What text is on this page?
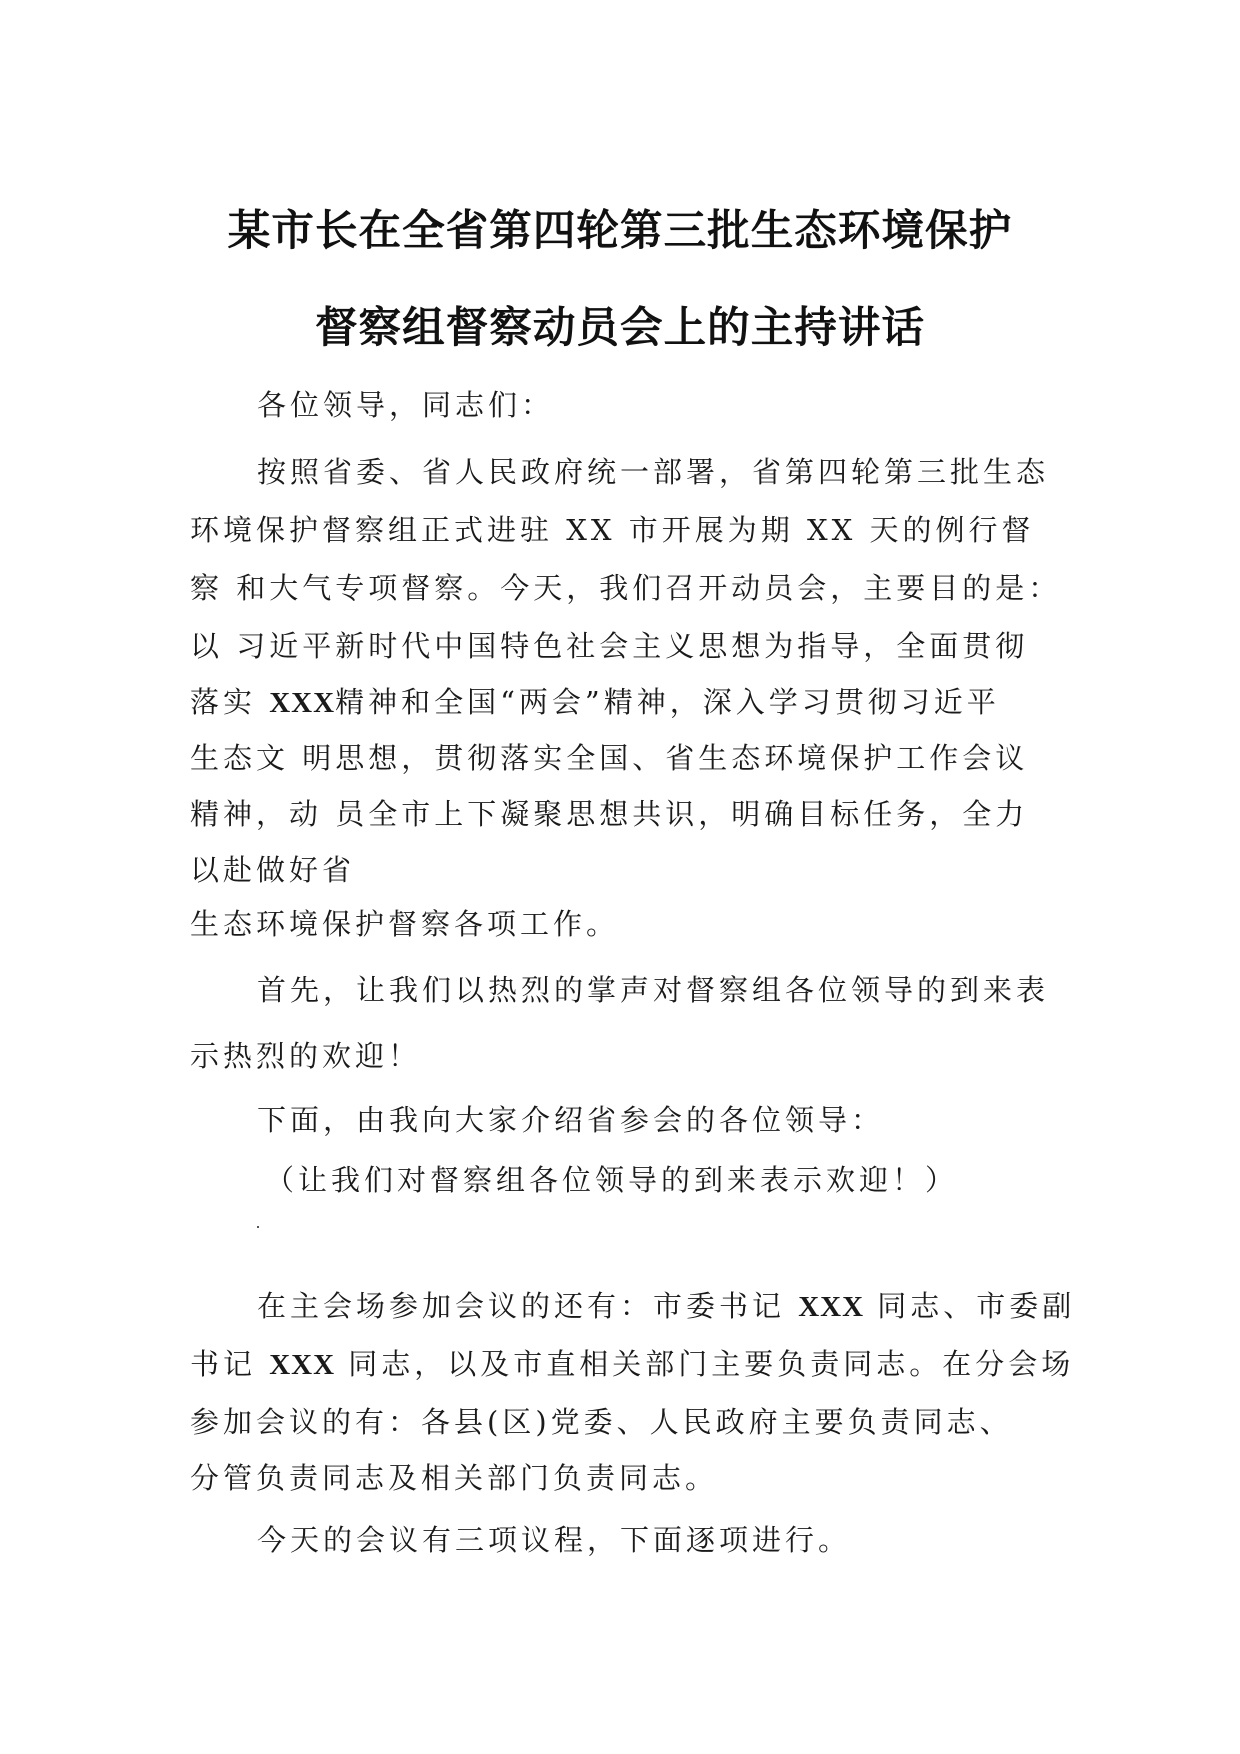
某市长在全省第四轮第三批生态环境保护
督察组督察动员会上的主持讲话
各位领导，同志们：
按照省委、省人民政府统一部署，省第四轮第三批生态
环境保护督察组正式进驻 XX 市开展为期 XX 天的例行督
察 和大气专项督察。今天，我们召开动员会，主要目的是：
以 习近平新时代中国特色社会主义思想为指导，全面贯彻
落实 XXX精神和全国“两会”精神，深入学习贯彻习近平
生态文 明思想，贯彻落实全国、省生态环境保护工作会议
精神，动 员全市上下凝聚思想共识，明确目标任务，全力
以赴做好省
生态环境保护督察各项工作。
首先，让我们以热烈的掌声对督察组各位领导的到来表
示热烈的欢迎！
下面，由我向大家介绍省参会的各位领导：
（让我们对督察组各位领导的到来表示欢迎！）
在主会场参加会议的还有：市委书记 XXX 同志、市委副
书记 XXX 同志，以及市直相关部门主要负责同志。在分会场
参加会议的有：各县(区)党委、人民政府主要负责同志、
分管负责同志及相关部门负责同志。
今天的会议有三项议程，下面逐项进行。
